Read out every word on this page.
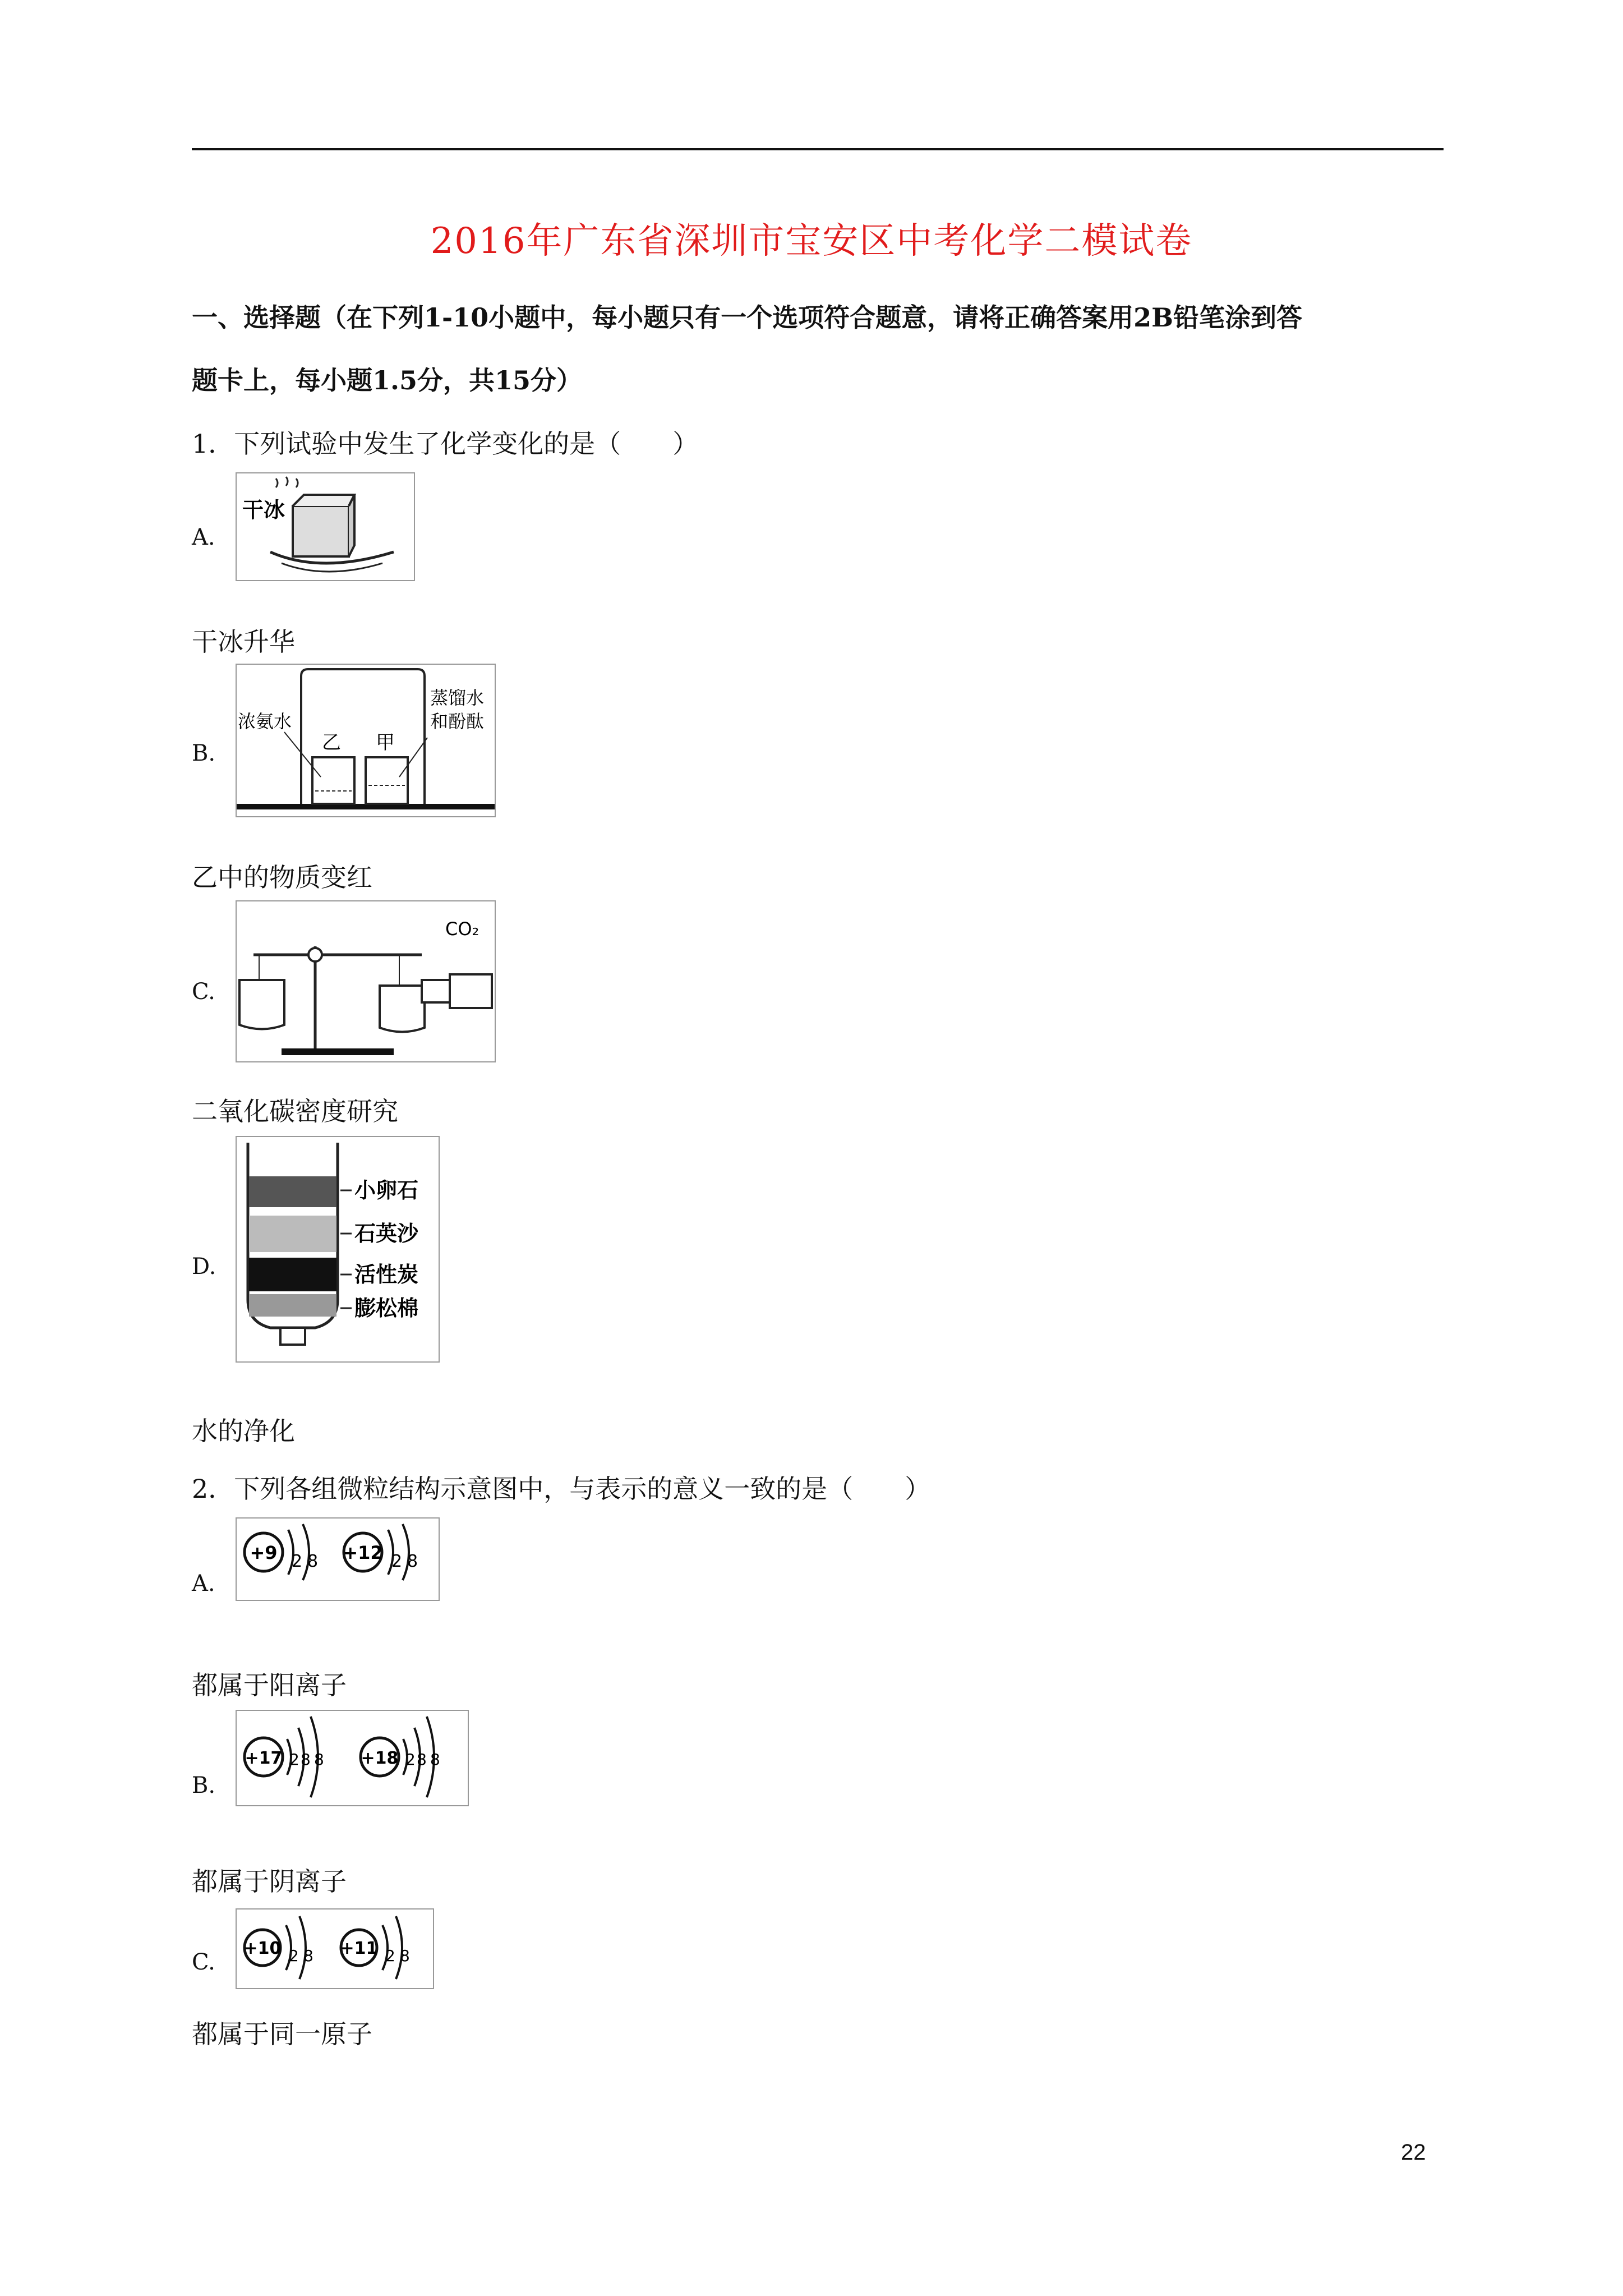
2016年广东省深圳市宝安区中考化学二模试卷
一、选择题（在下列1-10小题中，每小题只有一个选项符合题意，请将正确答案用2B铅笔涂到答
题卡上，每小题1.5分，共15分）
1．下列试验中发生了化学变化的是（　　）
A.
干冰
干冰升华
B.
浓氨水
乙 甲
蒸馏水
和酚酞
乙中的物质变红
C.
CO₂
二氧化碳密度研究
D.
小卵石
石英沙
活性炭
膨松棉
水的净化
2．下列各组微粒结构示意图中，与表示的意义一致的是（　　）
A.
+9 2 8 +12 2 8
都属于阳离子
B.
+17 2 8 8 +18 2 8 8
都属于阴离子
C.
+10 2 8 +11 2 8
都属于同一原子
22
